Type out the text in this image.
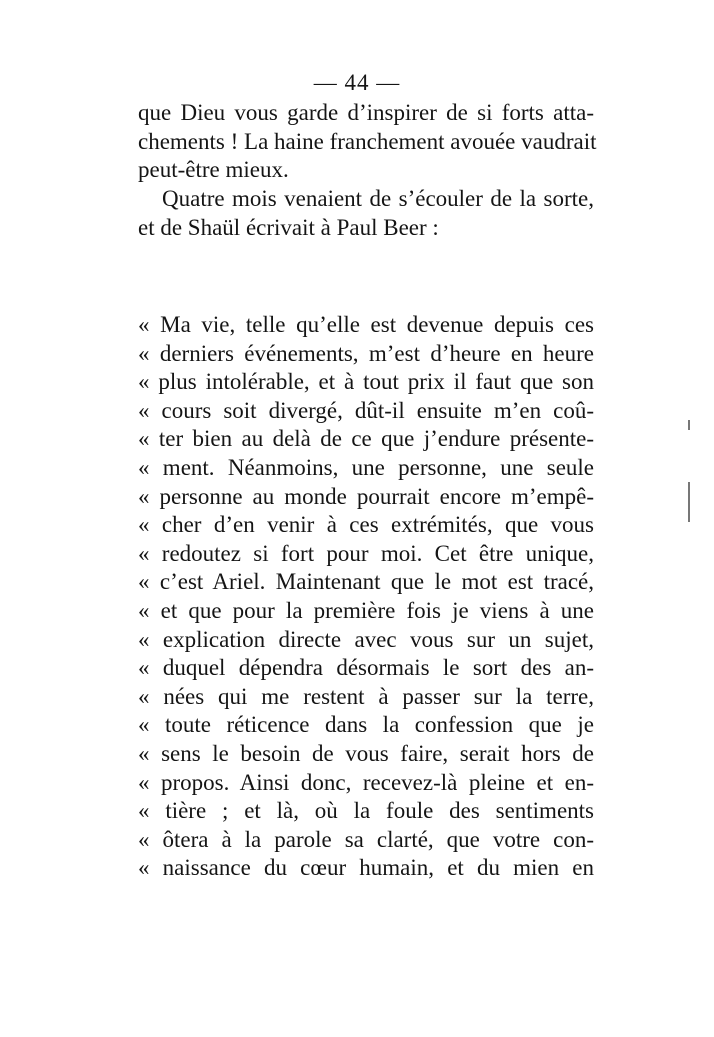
— 44 —
que Dieu vous garde d’inspirer de si forts atta-
chements ! La haine franchement avouée vaudrait
peut-être mieux.
Quatre mois venaient de s’écouler de la sorte,
et de Shaül écrivait à Paul Beer :
« Ma vie, telle qu’elle est devenue depuis ces
« derniers événements, m’est d’heure en heure
« plus intolérable, et à tout prix il faut que son
« cours soit divergé, dût-il ensuite m’en coû-
« ter bien au delà de ce que j’endure présente-
« ment. Néanmoins, une personne, une seule
« personne au monde pourrait encore m’empê-
« cher d’en venir à ces extrémités, que vous
« redoutez si fort pour moi. Cet être unique,
« c’est Ariel. Maintenant que le mot est tracé,
« et que pour la première fois je viens à une
« explication directe avec vous sur un sujet,
« duquel dépendra désormais le sort des an-
« nées qui me restent à passer sur la terre,
« toute réticence dans la confession que je
« sens le besoin de vous faire, serait hors de
« propos. Ainsi donc, recevez-là pleine et en-
« tière ; et là, où la foule des sentiments
« ôtera à la parole sa clarté, que votre con-
« naissance du cœur humain, et du mien en
